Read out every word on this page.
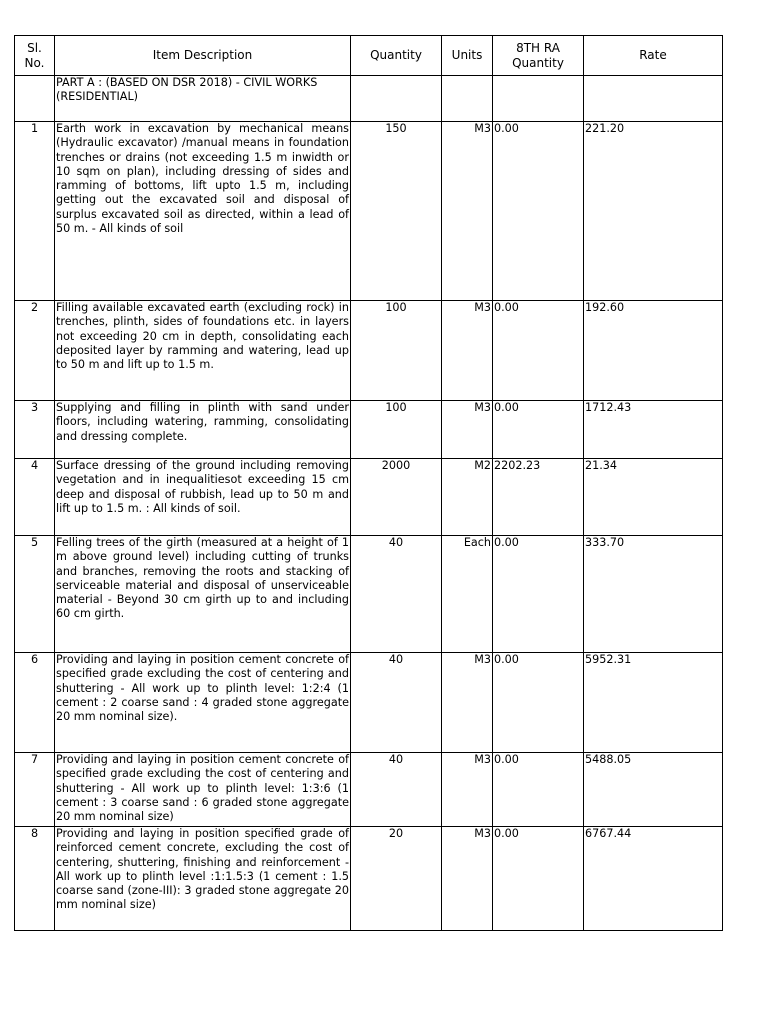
Sl. No.	Item Description	Quantity	Units	8TH RA Quantity	Rate
	PART A : (BASED ON DSR 2018) - CIVIL WORKS (RESIDENTIAL)				
1	Earth work in excavation by mechanical means (Hydraulic excavator) /manual means in foundation trenches or drains (not exceeding 1.5 m inwidth or 10 sqm on plan), including dressing of sides and ramming of bottoms, lift upto 1.5 m, including getting out the excavated soil and disposal of surplus excavated soil as directed, within a lead of 50 m. - All kinds of soil	150	M3	0.00	221.20
2	Filling available excavated earth (excluding rock) in trenches, plinth, sides of foundations etc. in layers not exceeding 20 cm in depth, consolidating each deposited layer by ramming and watering, lead up to 50 m and lift up to 1.5 m.	100	M3	0.00	192.60
3	Supplying and filling in plinth with sand under floors, including watering, ramming, consolidating and dressing complete.	100	M3	0.00	1712.43
4	Surface dressing of the ground including removing vegetation and in inequalitiesot exceeding 15 cm deep and disposal of rubbish, lead up to 50 m and lift up to 1.5 m. : All kinds of soil.	2000	M2	2202.23	21.34
5	Felling trees of the girth (measured at a height of 1 m above ground level) including cutting of trunks and branches, removing the roots and stacking of serviceable material and disposal of unserviceable material - Beyond 30 cm girth up to and including 60 cm girth.	40	Each	0.00	333.70
6	Providing and laying in position cement concrete of specified grade excluding the cost of centering and shuttering - All work up to plinth level: 1:2:4 (1 cement : 2 coarse sand : 4 graded stone aggregate 20 mm nominal size).	40	M3	0.00	5952.31
7	Providing and laying in position cement concrete of specified grade excluding the cost of centering and shuttering - All work up to plinth level: 1:3:6 (1 cement : 3 coarse sand : 6 graded stone aggregate 20 mm nominal size)	40	M3	0.00	5488.05
8	Providing and laying in position specified grade of reinforced cement concrete, excluding the cost of centering, shuttering, finishing and reinforcement - All work up to plinth level :1:1.5:3 (1 cement : 1.5 coarse sand (zone-III): 3 graded stone aggregate 20 mm nominal size)	20	M3	0.00	6767.44
